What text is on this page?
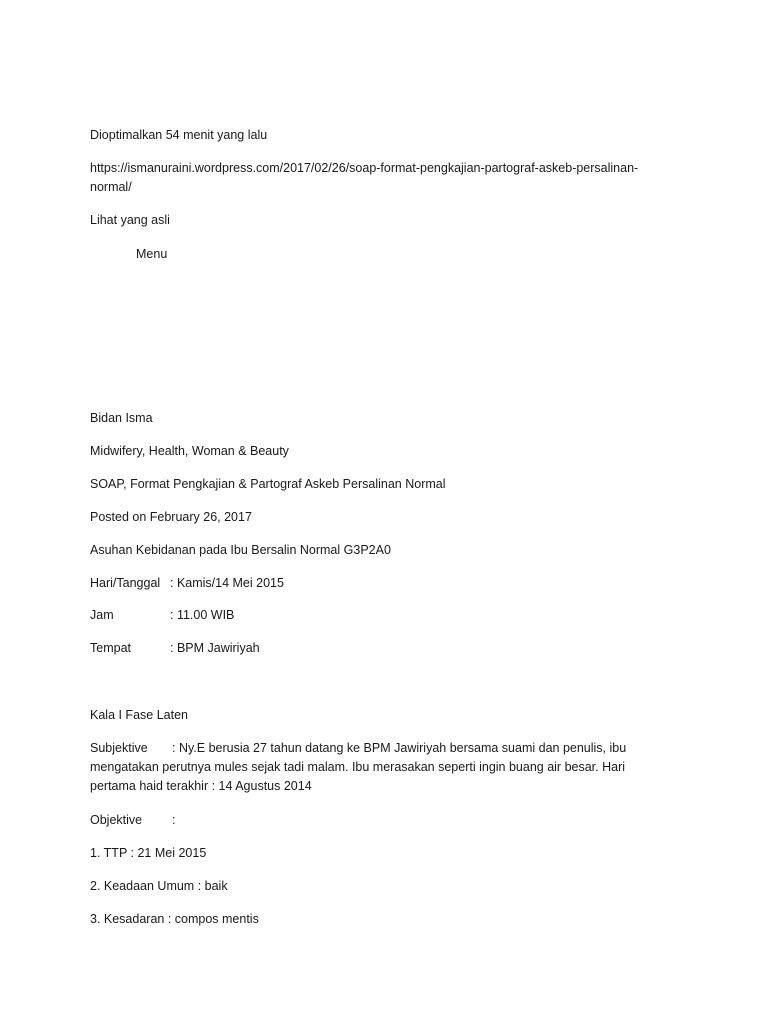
Dioptimalkan 54 menit yang lalu
https://ismanuraini.wordpress.com/2017/02/26/soap-format-pengkajian-partograf-askeb-persalinan-normal/
Lihat yang asli
Menu
Bidan Isma
Midwifery, Health, Woman & Beauty
SOAP, Format Pengkajian & Partograf Askeb Persalinan Normal
Posted on February 26, 2017
Asuhan Kebidanan pada Ibu Bersalin Normal G3P2A0
Hari/Tanggal : Kamis/14 Mei 2015
Jam	: 11.00 WIB
Tempat	: BPM Jawiriyah
Kala I Fase Laten
Subjektive : Ny.E berusia 27 tahun datang ke BPM Jawiriyah bersama suami dan penulis, ibu mengatakan perutnya mules sejak tadi malam. Ibu merasakan seperti ingin buang air besar. Hari pertama haid terakhir : 14 Agustus 2014
Objektive :
1. TTP : 21 Mei 2015
2. Keadaan Umum : baik
3. Kesadaran : compos mentis
